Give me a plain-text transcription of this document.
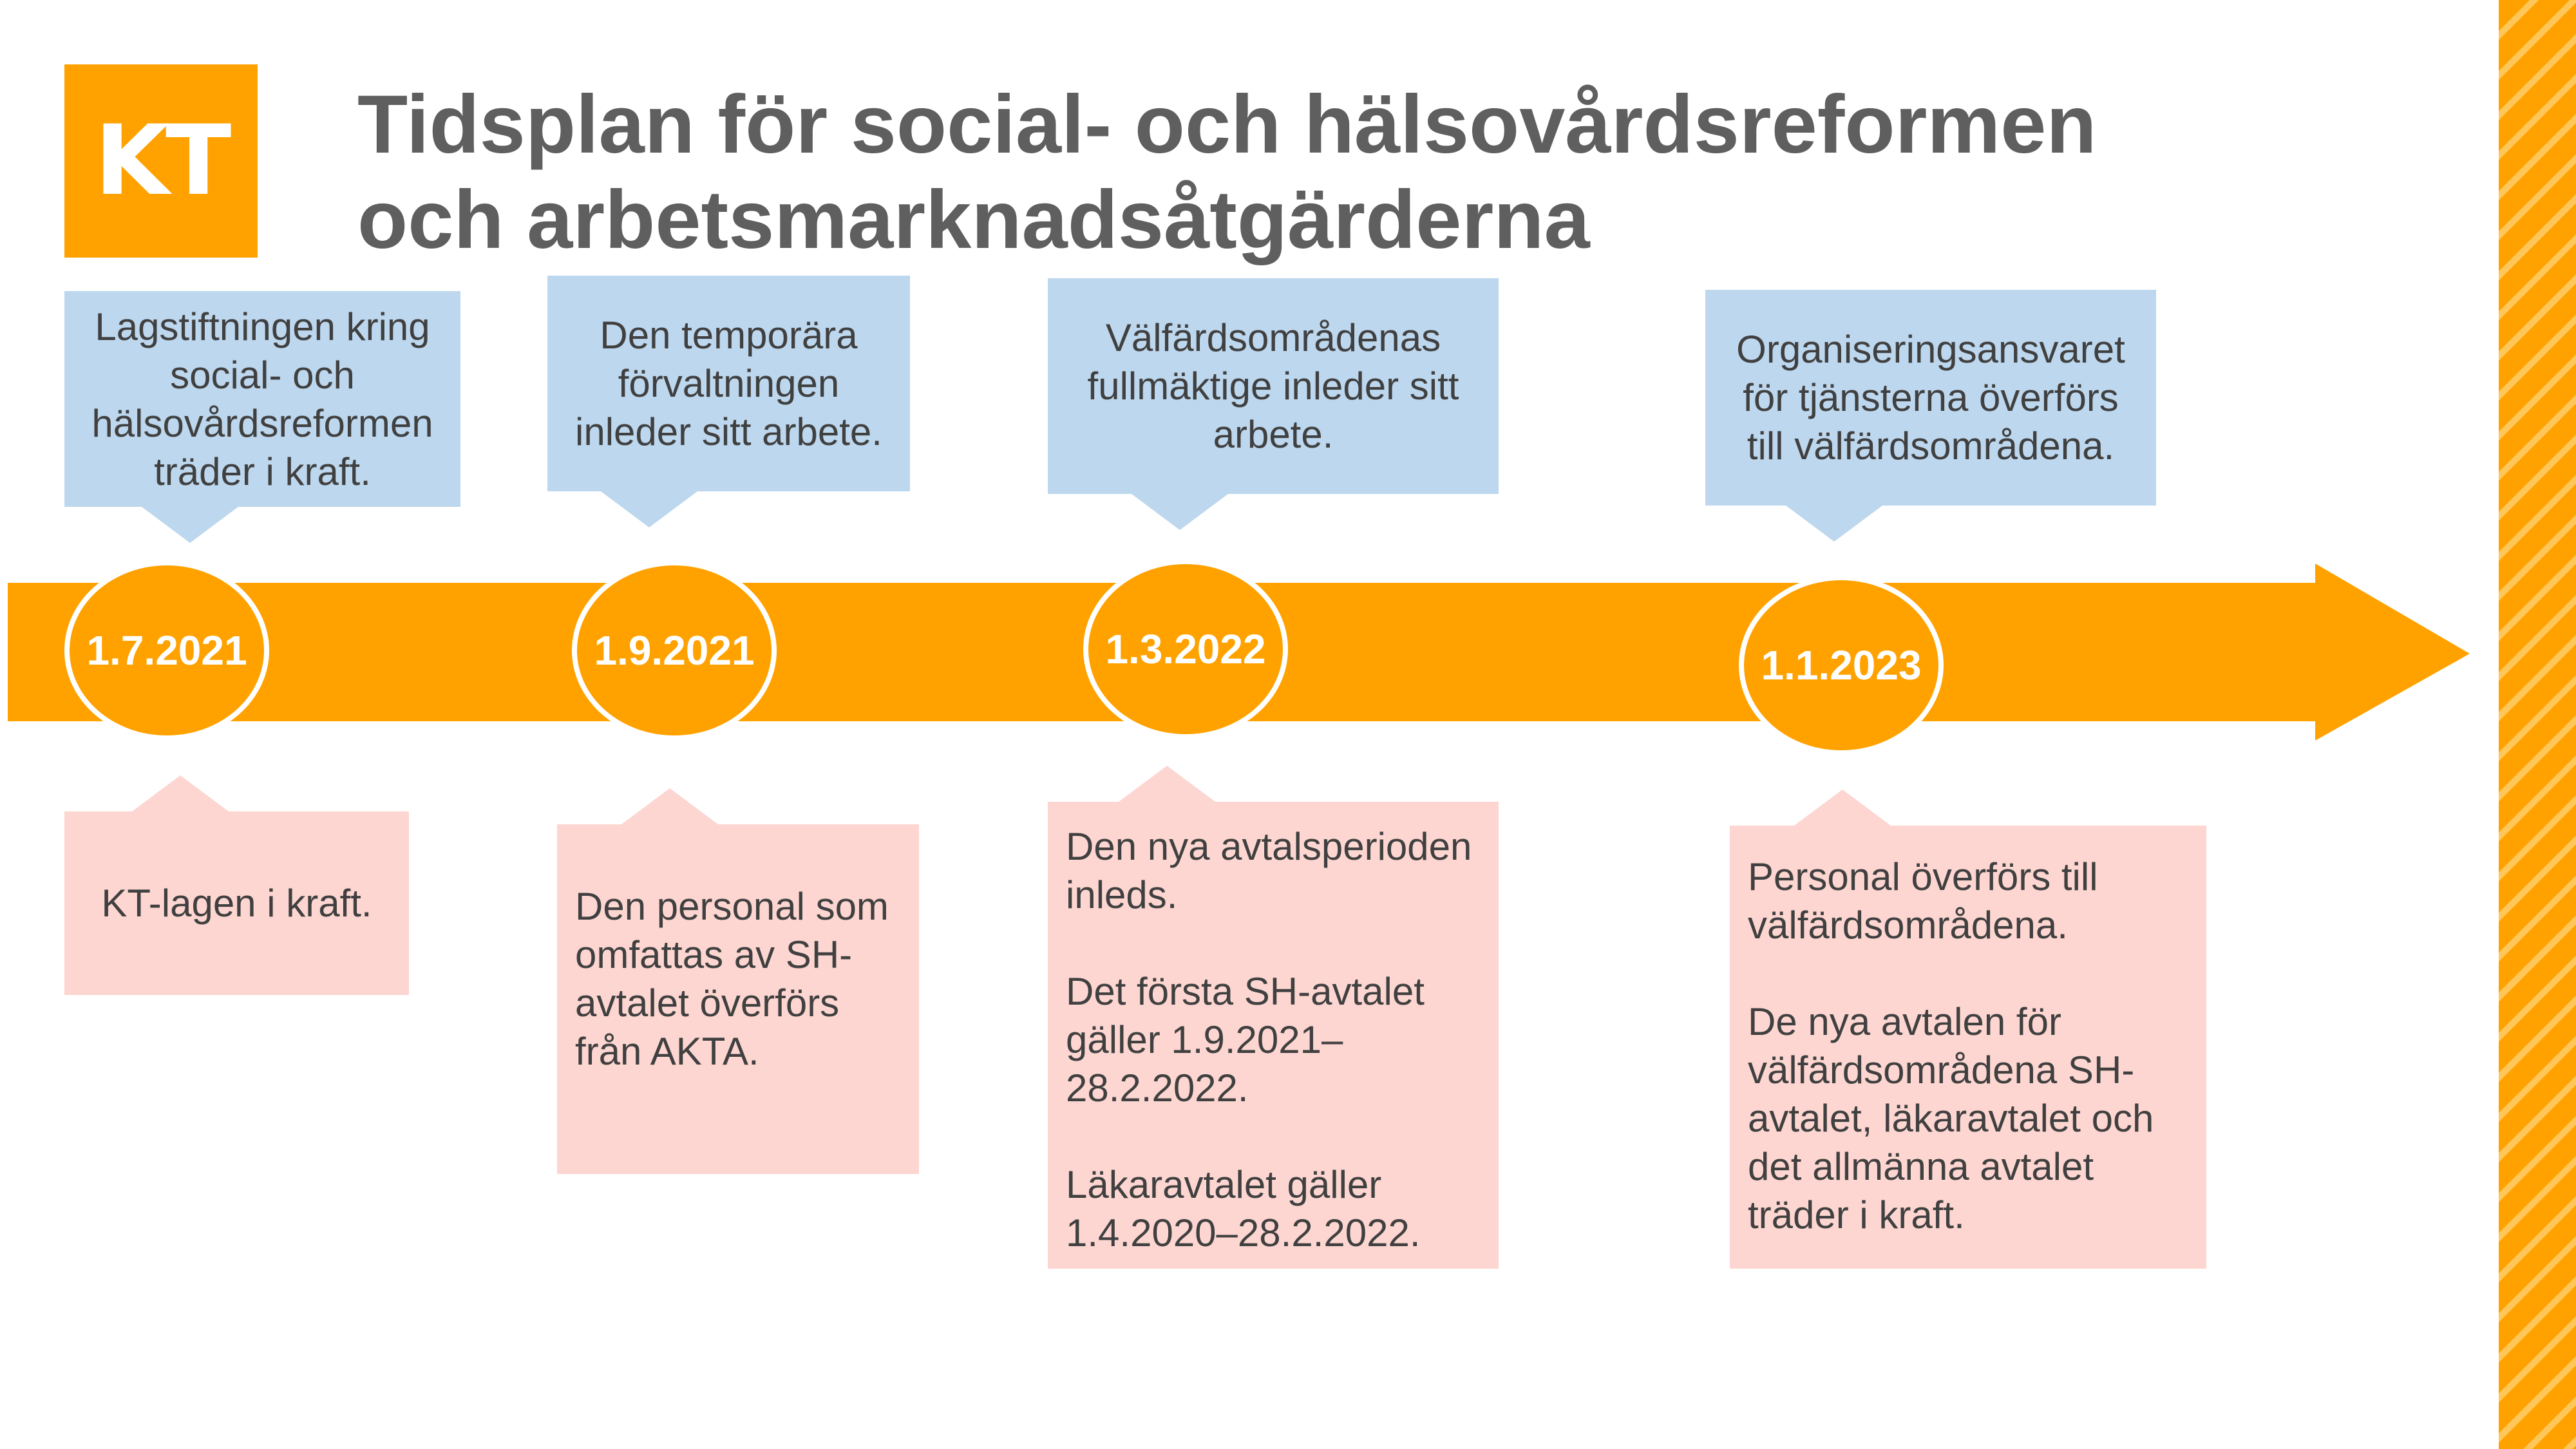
KT Tidsplan för social- och hälsovårdsreformen
och arbetsmarknadsåtgärderna
Lagstiftningen kring social- och hälsovårdsreformen träder i kraft.
Den temporära förvaltningen inleder sitt arbete.
Välfärdsområdenas fullmäktige inleder sitt arbete.
Organiseringsansvaret för tjänsterna överförs till välfärdsområdena.
1.7.2021	1.9.2021	1.3.2022	1.1.2023

KT-lagen i kraft.	Den personal som omfattas av SH-avtalet överförs från AKTA.

Den nya avtalsperioden inleds.

Det första SH-avtalet gäller 1.9.2021–28.2.2022.

Läkaravtalet gäller 1.4.2020–28.2.2022.

Personal överförs till välfärdsområdena.

De nya avtalen för välfärdsområdena SH-avtalet, läkaravtalet och det allmänna avtalet träder i kraft.
